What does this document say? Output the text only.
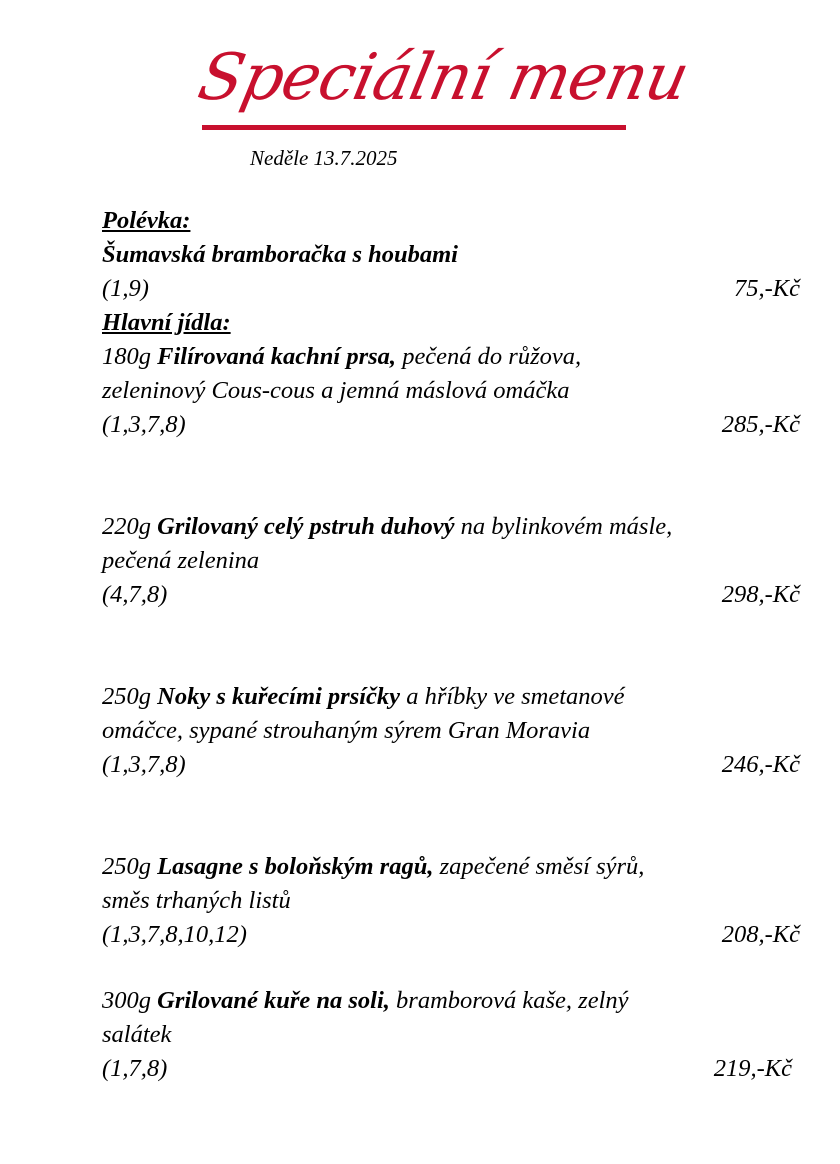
Speciální menu
Neděle 13.7.2025
Polévka:
Šumavská bramboračka s houbami
(1,9)	75,-Kč
Hlavní jídla:
180g Filírovaná kachní prsa, pečená do růžova,
zeleninový Cous-cous a jemná máslová omáčka
(1,3,7,8)	285,-Kč
220g Grilovaný celý pstruh duhový na bylinkovém másle,
pečená zelenina
(4,7,8)	298,-Kč
250g Noky s kuřecími prsíčky a hříbky ve smetanové
omáčce, sypané strouhaným sýrem Gran Moravia
(1,3,7,8)	246,-Kč
250g Lasagne s boloňským ragů, zapečené směsí sýrů,
směs trhaných listů
(1,3,7,8,10,12)	208,-Kč
300g Grilované kuře na soli, bramborová kaše, zelný
salátek
(1,7,8)	219,-Kč
